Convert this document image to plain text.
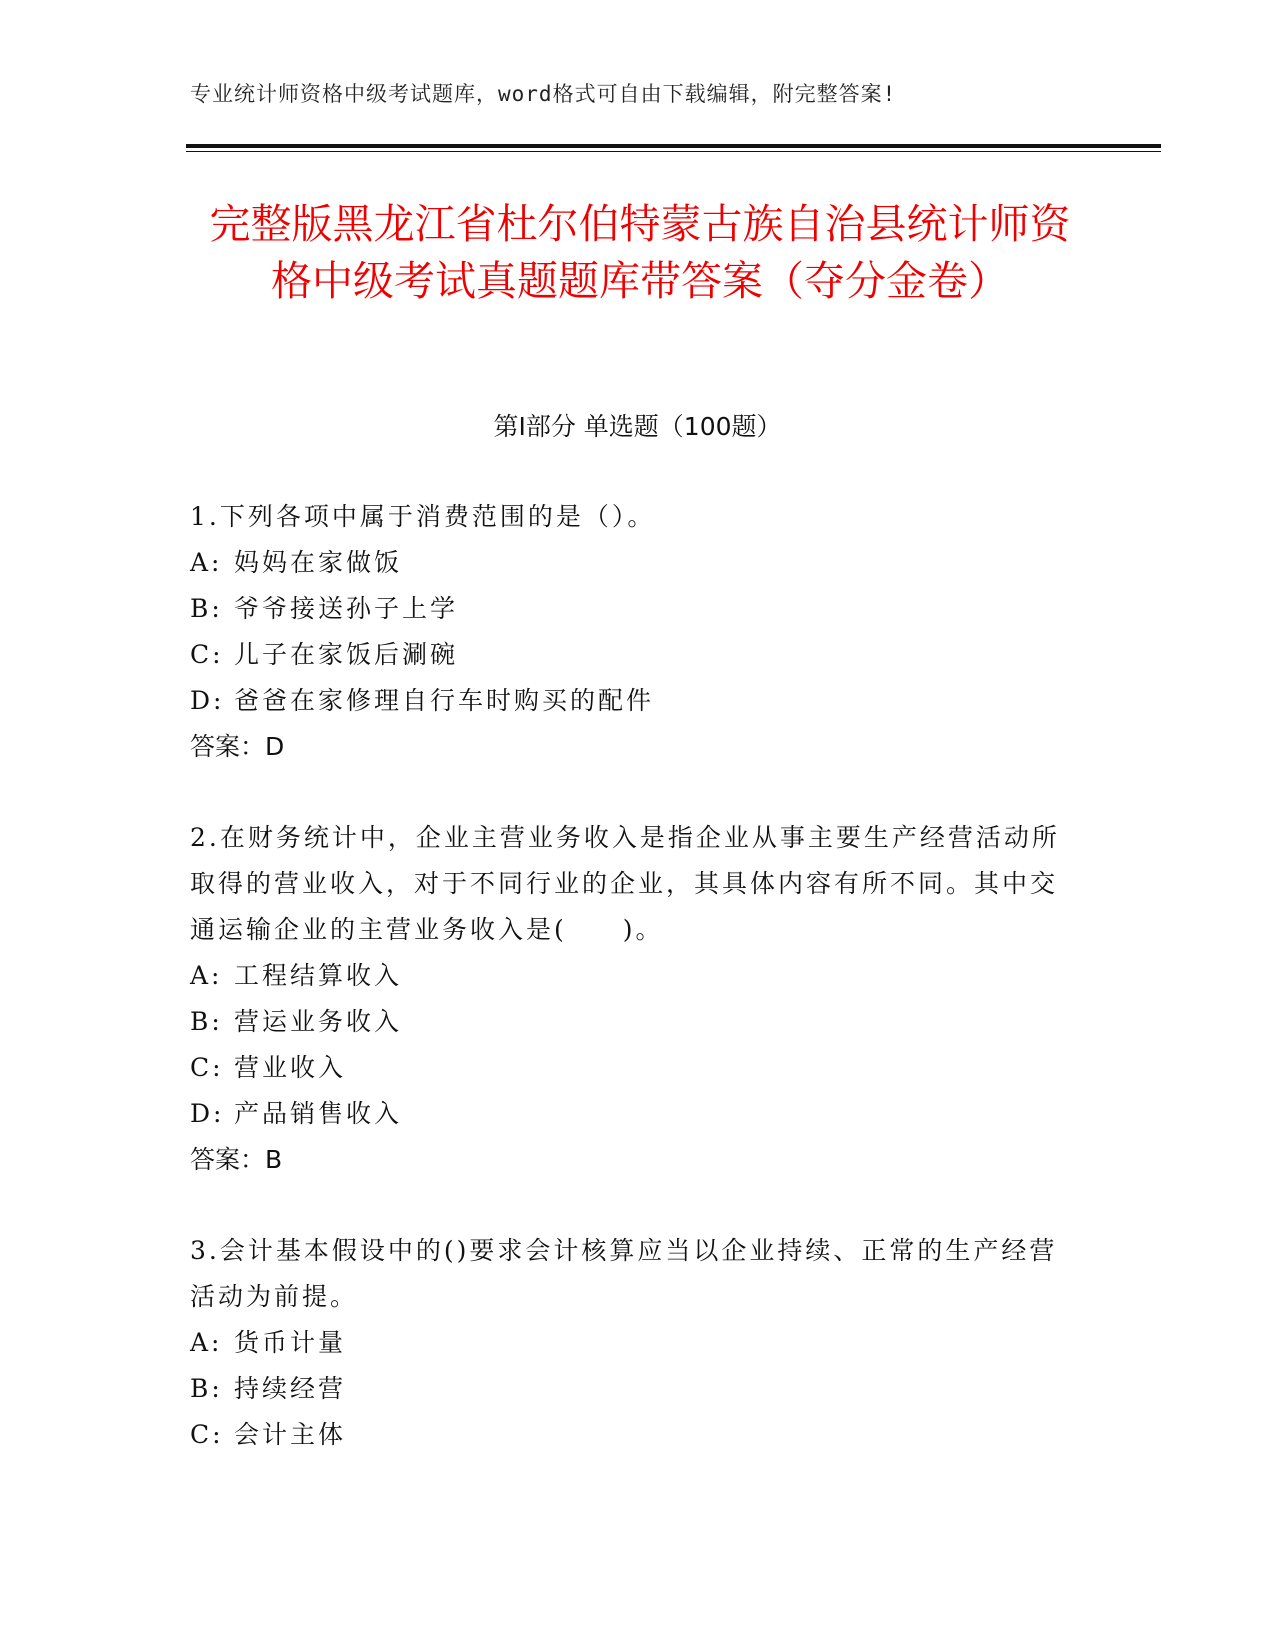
专业统计师资格中级考试题库，word格式可自由下载编辑，附完整答案!
完整版黑龙江省杜尔伯特蒙古族自治县统计师资格中级考试真题题库带答案（夺分金卷）
第I部分 单选题（100题）

1.下列各项中属于消费范围的是（）。

A: 妈妈在家做饭
B: 爷爷接送孙子上学
C: 儿子在家饭后涮碗
D: 爸爸在家修理自行车时购买的配件
答案：D

2.在财务统计中，企业主营业务收入是指企业从事主要生产经营活动所取得的营业收入，对于不同行业的企业，其具体内容有所不同。其中交通运输企业的主营业务收入是(　　)。

A: 工程结算收入
B: 营运业务收入
C: 营业收入
D: 产品销售收入
答案：B

3.会计基本假设中的()要求会计核算应当以企业持续、正常的生产经营活动为前提。

A: 货币计量
B: 持续经营
C: 会计主体
